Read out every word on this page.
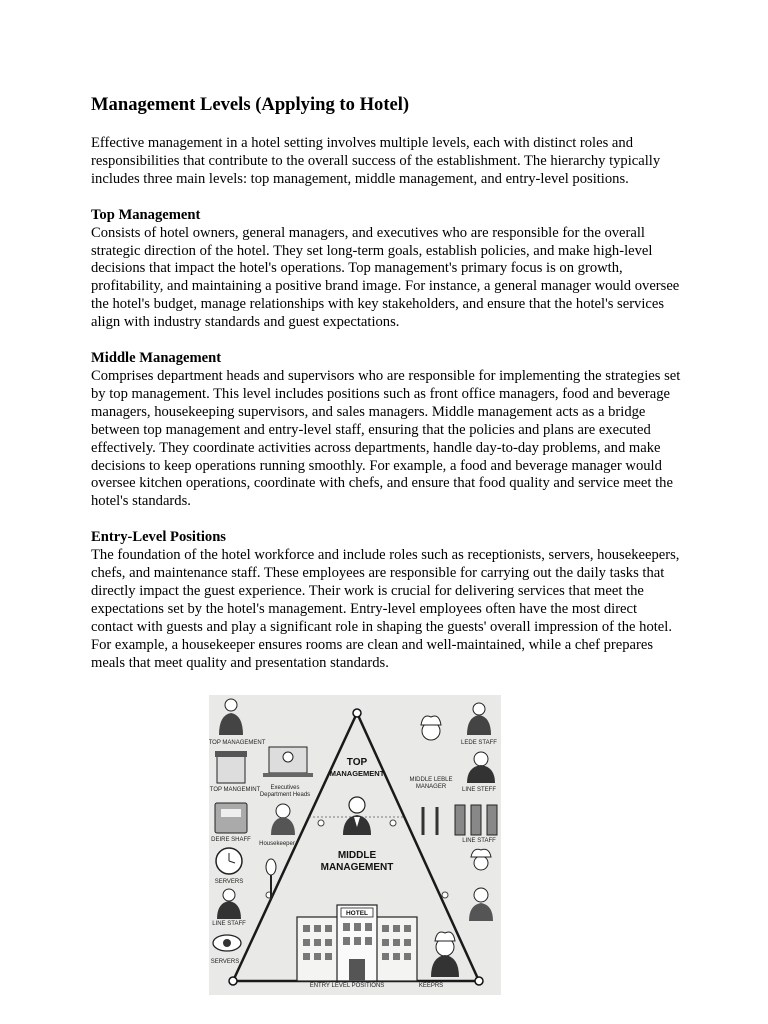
Management Levels (Applying to Hotel)

Effective management in a hotel setting involves multiple levels, each with distinct roles and responsibilities that contribute to the overall success of the establishment. The hierarchy typically includes three main levels: top management, middle management, and entry-level positions.

Top Management

Consists of hotel owners, general managers, and executives who are responsible for the overall strategic direction of the hotel. They set long-term goals, establish policies, and make high-level decisions that impact the hotel's operations. Top management's primary focus is on growth, profitability, and maintaining a positive brand image. For instance, a general manager would oversee the hotel's budget, manage relationships with key stakeholders, and ensure that the hotel's services align with industry standards and guest expectations.

Middle Management

Comprises department heads and supervisors who are responsible for implementing the strategies set by top management. This level includes positions such as front office managers, food and beverage managers, housekeeping supervisors, and sales managers. Middle management acts as a bridge between top management and entry-level staff, ensuring that the policies and plans are executed effectively. They coordinate activities across departments, handle day-to-day problems, and make decisions to keep operations running smoothly. For example, a food and beverage manager would oversee kitchen operations, coordinate with chefs, and ensure that food quality and service meet the hotel's standards.

Entry-Level Positions

The foundation of the hotel workforce and include roles such as receptionists, servers, housekeepers, chefs, and maintenance staff. These employees are responsible for carrying out the daily tasks that directly impact the guest experience. Their work is crucial for delivering services that meet the expectations set by the hotel's management. Entry-level employees often have the most direct contact with guests and play a significant role in shaping the guests' overall impression of the hotel. For example, a housekeeper ensures rooms are clean and well-maintained, while a chef prepares meals that meet quality and presentation standards.

TOP
MANAGEMENT
MIDDLE
MANAGEMENT
HOTEL
ENTRY LEVEL POSITIONS	KEEPRS
TOP MANAGEMENT
TOP MANGEMINT
DEIRE SHAFF
SERVERS
LINE STAFF
SERVERS
Executives
Department Heads
Housekeeper
MIDDLE LEBLE
MANAGER
LEDE STAFF
LINE STEFF
LINE STAFF
